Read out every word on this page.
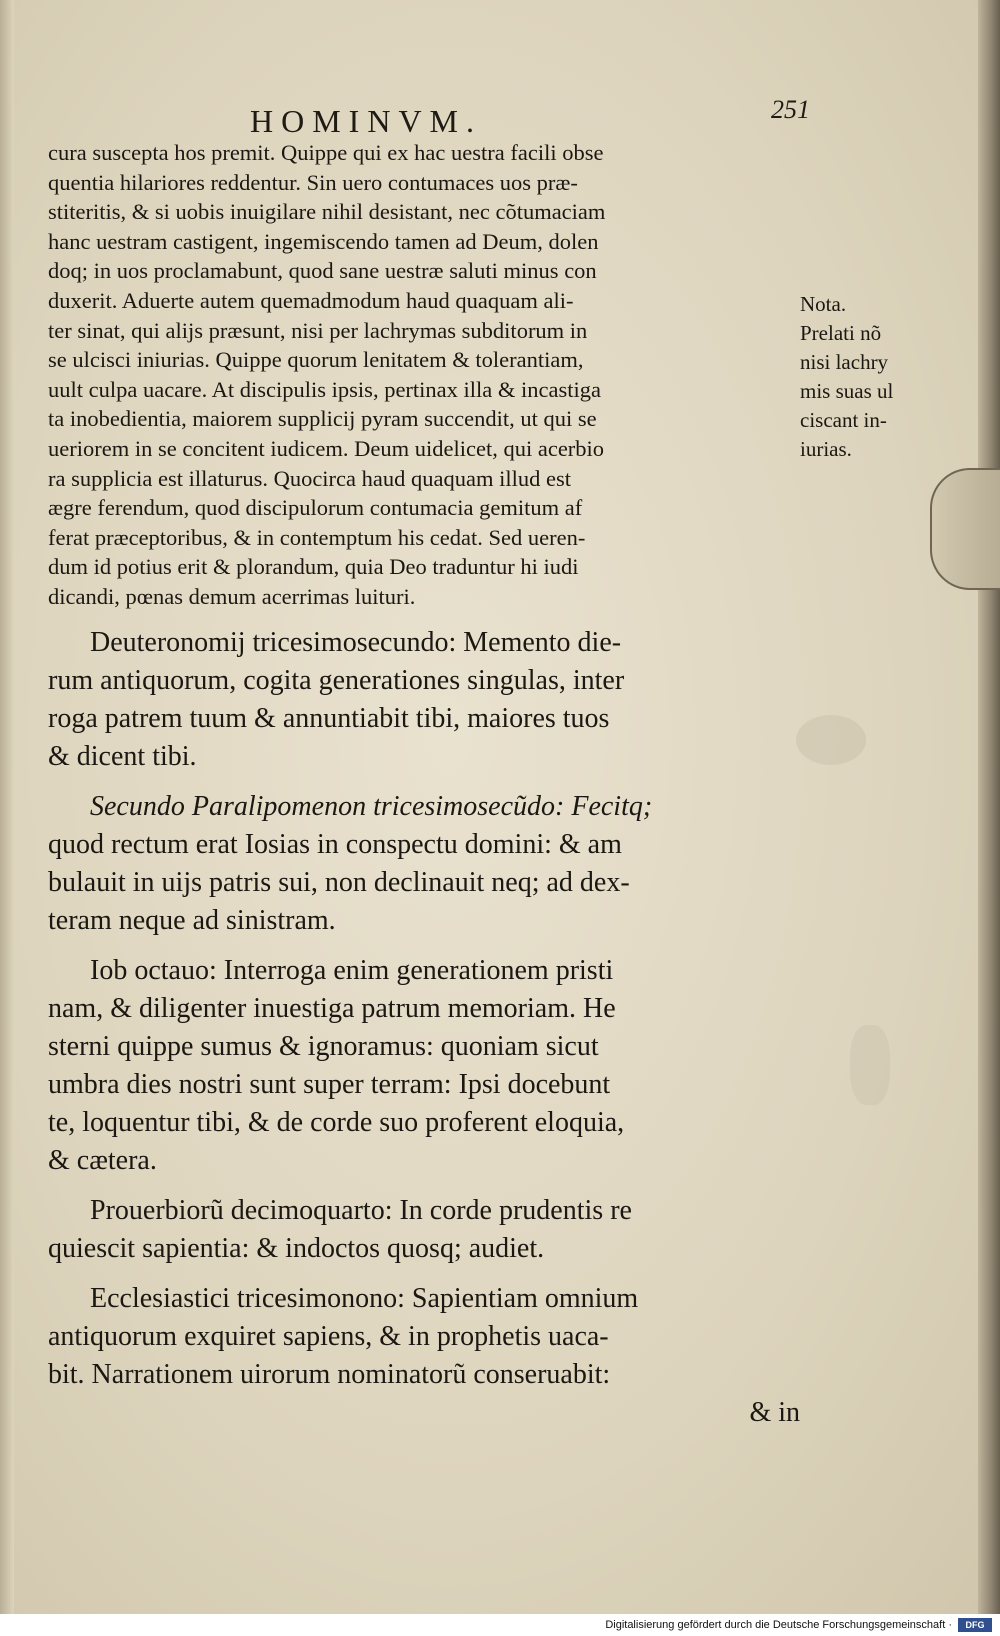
HOMINVM.	251
cura suscepta hos premit. Quippe qui ex hac uestra facili obse
quentia hilariores reddentur. Sin uero contumaces uos præ-
stiteritis, & si uobis inuigilare nihil desistant, nec cõtumaciam
hanc uestram castigent, ingemiscendo tamen ad Deum, dolen
doq; in uos proclamabunt, quod sane uestræ saluti minus con
duxerit. Aduerte autem quemadmodum haud quaquam ali-
ter sinat, qui alijs præsunt, nisi per lachrymas subditorum in
se ulcisci iniurias. Quippe quorum lenitatem & tolerantiam,
uult culpa uacare. At discipulis ipsis, pertinax illa & incastiga
ta inobedientia, maiorem supplicij pyram succendit, ut qui se
ueriorem in se concitent iudicem. Deum uidelicet, qui acerbio
ra supplicia est illaturus. Quocirca haud quaquam illud est
ægre ferendum, quod discipulorum contumacia gemitum af
ferat præceptoribus, & in contemptum his cedat. Sed ueren-
dum id potius erit & plorandum, quia Deo traduntur hi iudi
dicandi, pœnas demum acerrimas luituri.
Deuteronomij tricesimosecundo: Memento die-
rum antiquorum, cogita generationes singulas, inter
roga patrem tuum & annuntiabit tibi, maiores tuos
& dicent tibi.
Secundo Paralipomenon tricesimosecũdo: Fecitq;
quod rectum erat Iosias in conspectu domini: & am
bulauit in uijs patris sui, non declinauit neq; ad dex-
teram neque ad sinistram.
Iob octauo: Interroga enim generationem pristi
nam, & diligenter inuestiga patrum memoriam. He
sterni quippe sumus & ignoramus: quoniam sicut
umbra dies nostri sunt super terram: Ipsi docebunt
te, loquentur tibi, & de corde suo proferent eloquia,
& cætera.
Prouerbiorũ decimoquarto: In corde prudentis re
quiescit sapientia: & indoctos quosq; audiet.
Ecclesiastici tricesimonono: Sapientiam omnium
antiquorum exquiret sapiens, & in prophetis uaca-
bit. Narrationem uirorum nominatorũ conseruabit:
& in
Nota.
Prelati nõ
nisi lachry
mis suas ul
ciscant in-
iurias.
Digitalisierung gefördert durch die Deutsche Forschungsgemeinschaft ·	DFG
